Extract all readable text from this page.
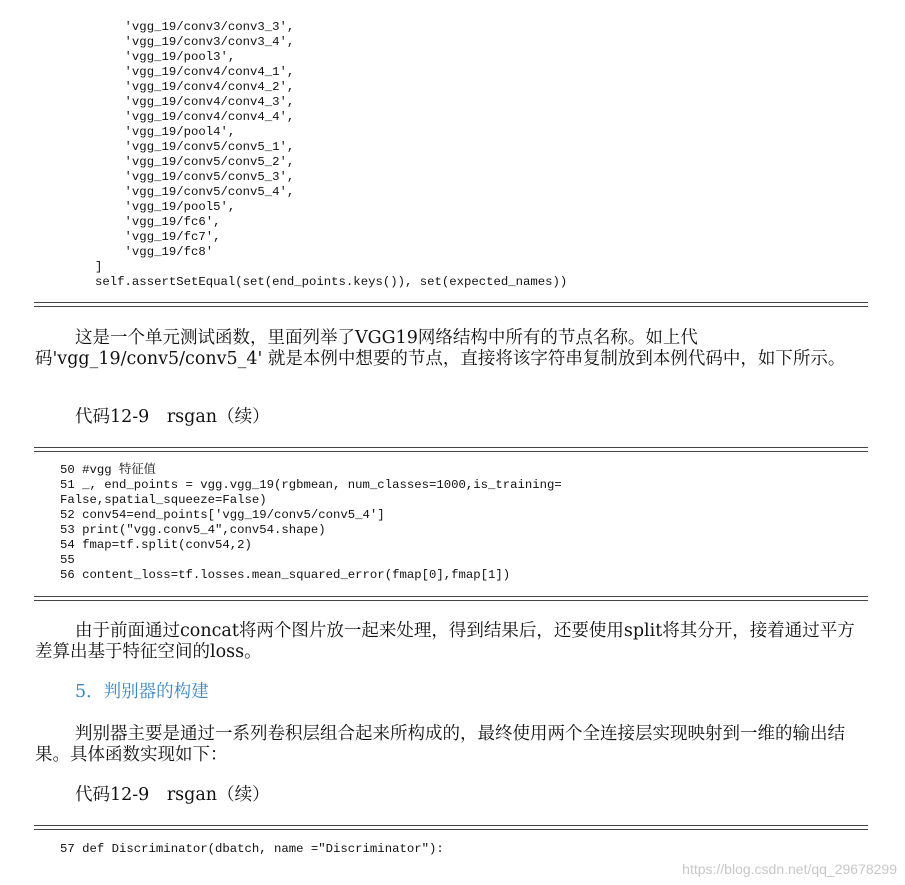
'vgg_19/conv3/conv3_3',
'vgg_19/conv3/conv3_4',
'vgg_19/pool3',
'vgg_19/conv4/conv4_1',
'vgg_19/conv4/conv4_2',
'vgg_19/conv4/conv4_3',
'vgg_19/conv4/conv4_4',
'vgg_19/pool4',
'vgg_19/conv5/conv5_1',
'vgg_19/conv5/conv5_2',
'vgg_19/conv5/conv5_3',
'vgg_19/conv5/conv5_4',
'vgg_19/pool5',
'vgg_19/fc6',
'vgg_19/fc7',
'vgg_19/fc8'
]
self.assertSetEqual(set(end_points.keys()), set(expected_names))

这是一个单元测试函数，里面列举了VGG19网络结构中所有的节点名称。如上代码'vgg_19/conv5/conv5_4' 就是本例中想要的节点，直接将该字符串复制放到本例代码中，如下所示。

代码12-9　rsgan（续）

50 #vgg 特征值
51 _, end_points = vgg.vgg_19(rgbmean, num_classes=1000,is_training=
False,spatial_squeeze=False)
52 conv54=end_points['vgg_19/conv5/conv5_4']
53 print("vgg.conv5_4",conv54.shape)
54 fmap=tf.split(conv54,2)
55
56 content_loss=tf.losses.mean_squared_error(fmap[0],fmap[1])

由于前面通过concat将两个图片放一起来处理，得到结果后，还要使用split将其分开，接着通过平方差算出基于特征空间的loss。

5．判别器的构建

判别器主要是通过一系列卷积层组合起来所构成的，最终使用两个全连接层实现映射到一维的输出结果。具体函数实现如下：

代码12-9　rsgan（续）

57 def Discriminator(dbatch, name ="Discriminator"):

https://blog.csdn.net/qq_29678299
